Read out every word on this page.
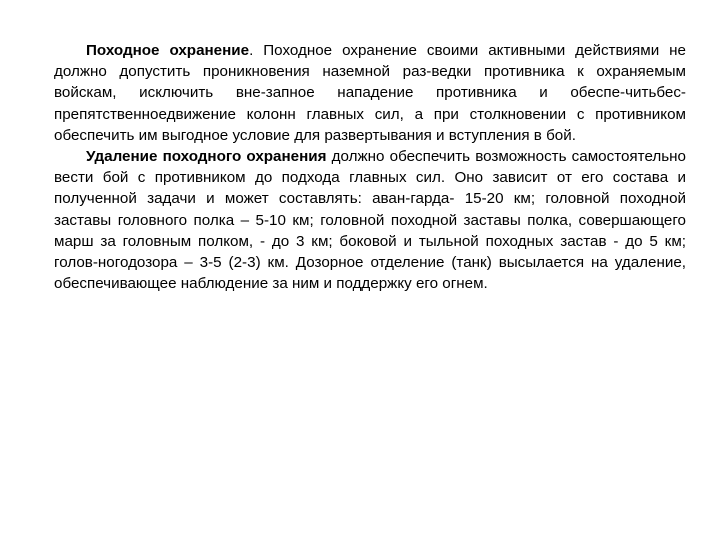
Походное охранение. Походное охранение своими активными действиями не должно допустить проникновения наземной раз-ведки противника к охраняемым войскам, исключить вне-запное нападение противника и обеспе-читьбес-препятственноедвижение колонн главных сил, а при столкновении с противником обеспечить им выгодное условие для развертывания и вступления в бой.

Удаление походного охранения должно обеспечить возможность самостоятельно вести бой с противником до подхода главных сил. Оно зависит от его состава и полученной задачи и может составлять: аван-гарда- 15-20 км; головной походной заставы головного полка – 5-10 км; головной походной заставы полка, совершающего марш за головным полком, - до 3 км; боковой и тыльной походных застав - до 5 км; голов-ногодозора – 3-5 (2-3) км. Дозорное отделение (танк) высылается на удаление, обеспечивающее наблюдение за ним и поддержку его огнем.
